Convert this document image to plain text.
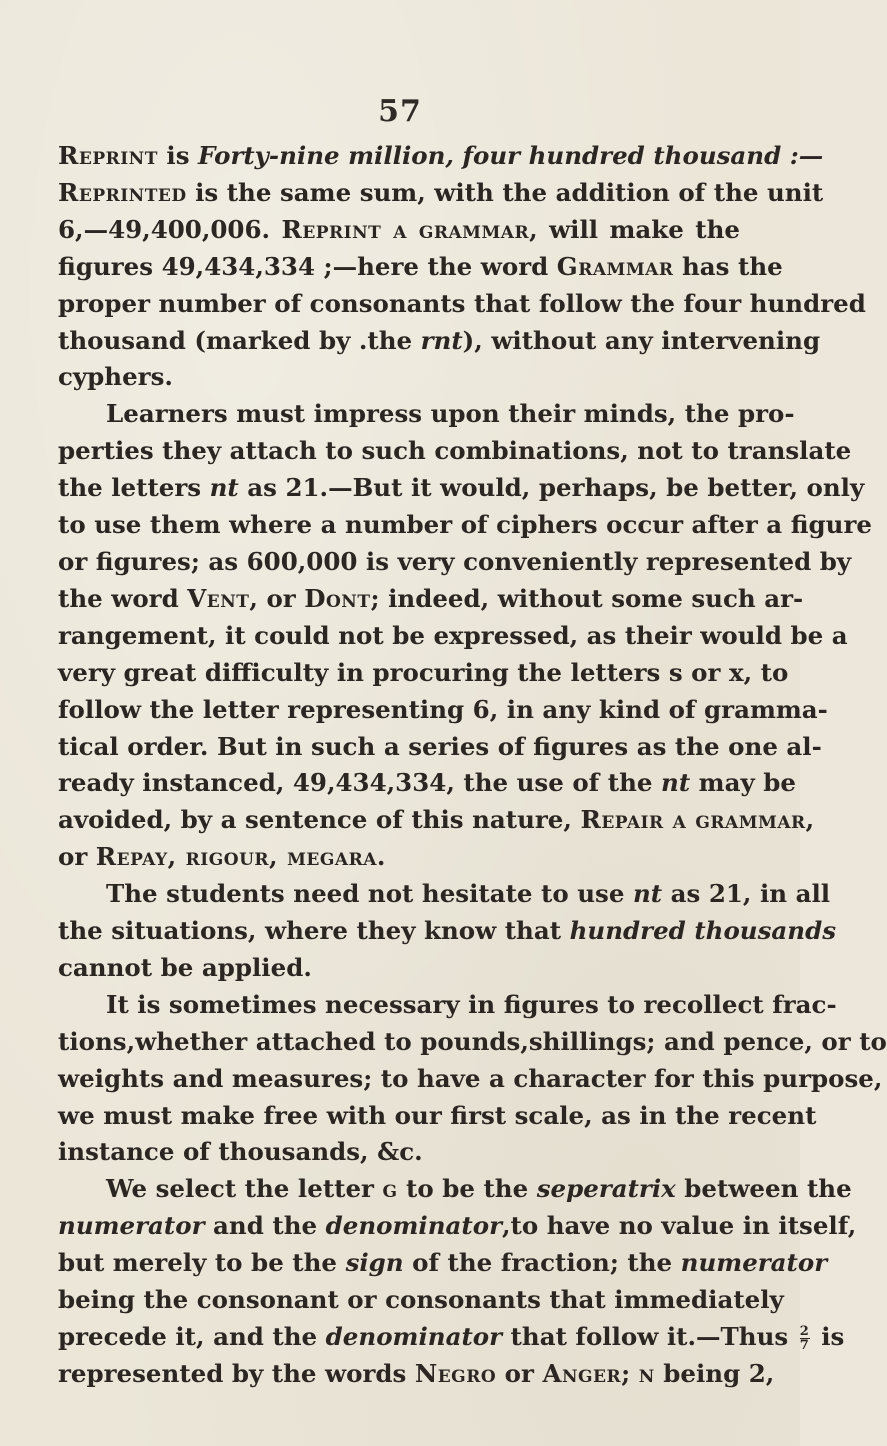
57
Reprint is Forty-nine million, four hundred thousand :—
Reprinted is the same sum, with the addition of the unit
6,—49,400,006. Reprint a grammar, will make the
figures 49,434,334 ;—here the word Grammar has the
proper number of consonants that follow the four hundred
thousand (marked by .the rnt), without any intervening
cyphers.
Learners must impress upon their minds, the pro-
perties they attach to such combinations, not to translate
the letters nt as 21.—But it would, perhaps, be better, only
to use them where a number of ciphers occur after a figure
or figures; as 600,000 is very conveniently represented by
the word Vent, or Dont; indeed, without some such ar-
rangement, it could not be expressed, as their would be a
very great difficulty in procuring the letters s or x, to
follow the letter representing 6, in any kind of gramma-
tical order. But in such a series of figures as the one al-
ready instanced, 49,434,334, the use of the nt may be
avoided, by a sentence of this nature, Repair a grammar,
or Repay, rigour, megara.
The students need not hesitate to use nt as 21, in all
the situations, where they know that hundred thousands
cannot be applied.
It is sometimes necessary in figures to recollect frac-
tions,whether attached to pounds,shillings; and pence, or to
weights and measures; to have a character for this purpose,
we must make free with our first scale, as in the recent
instance of thousands, &c.
We select the letter g to be the seperatrix between the
numerator and the denominator,to have no value in itself,
but merely to be the sign of the fraction; the numerator
being the consonant or consonants that immediately
precede it, and the denominator that follow it.—Thus $\frac{2}{7}$ is
represented by the words Negro or Anger; n being 2,
